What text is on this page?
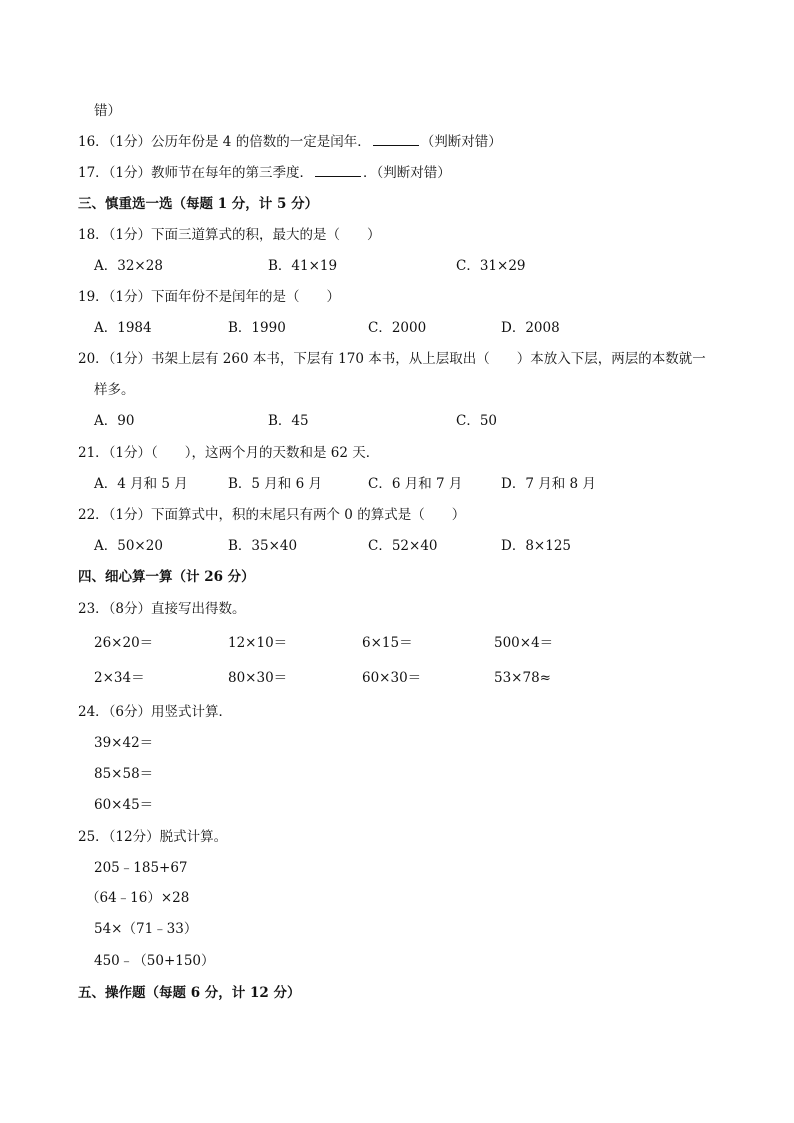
错）
16．（1分）公历年份是 4 的倍数的一定是闰年．	（判断对错）
17．（1分）教师节在每年的第三季度．	．（判断对错）
三、慎重选一选（每题 1 分，计 5 分）
18．（1分）下面三道算式的积，最大的是（　　）
A．32×28	B．41×19	C．31×29
19．（1分）下面年份不是闰年的是（　　）
A．1984	B．1990	C．2000	D．2008
20．（1分）书架上层有 260 本书，下层有 170 本书，从上层取出（　　）本放入下层，两层的本数就一
样多。
A．90	B．45	C．50
21．（1分）（　　），这两个月的天数和是 62 天．
A．4 月和 5 月	B．5 月和 6 月	C．6 月和 7 月	D．7 月和 8 月
22．（1分）下面算式中，积的末尾只有两个 0 的算式是（　　）
A．50×20	B．35×40	C．52×40	D．8×125
四、细心算一算（计 26 分）
23．（8分）直接写出得数。
26×20＝	12×10＝	6×15＝	500×4＝
2×34＝	80×30＝	60×30＝	53×78≈
24．（6分）用竖式计算．
39×42＝
85×58＝
60×45＝
25．（12分）脱式计算。
205﹣185+67
（64﹣16）×28
54×（71﹣33）
450﹣（50+150）
五、操作题（每题 6 分，计 12 分）
